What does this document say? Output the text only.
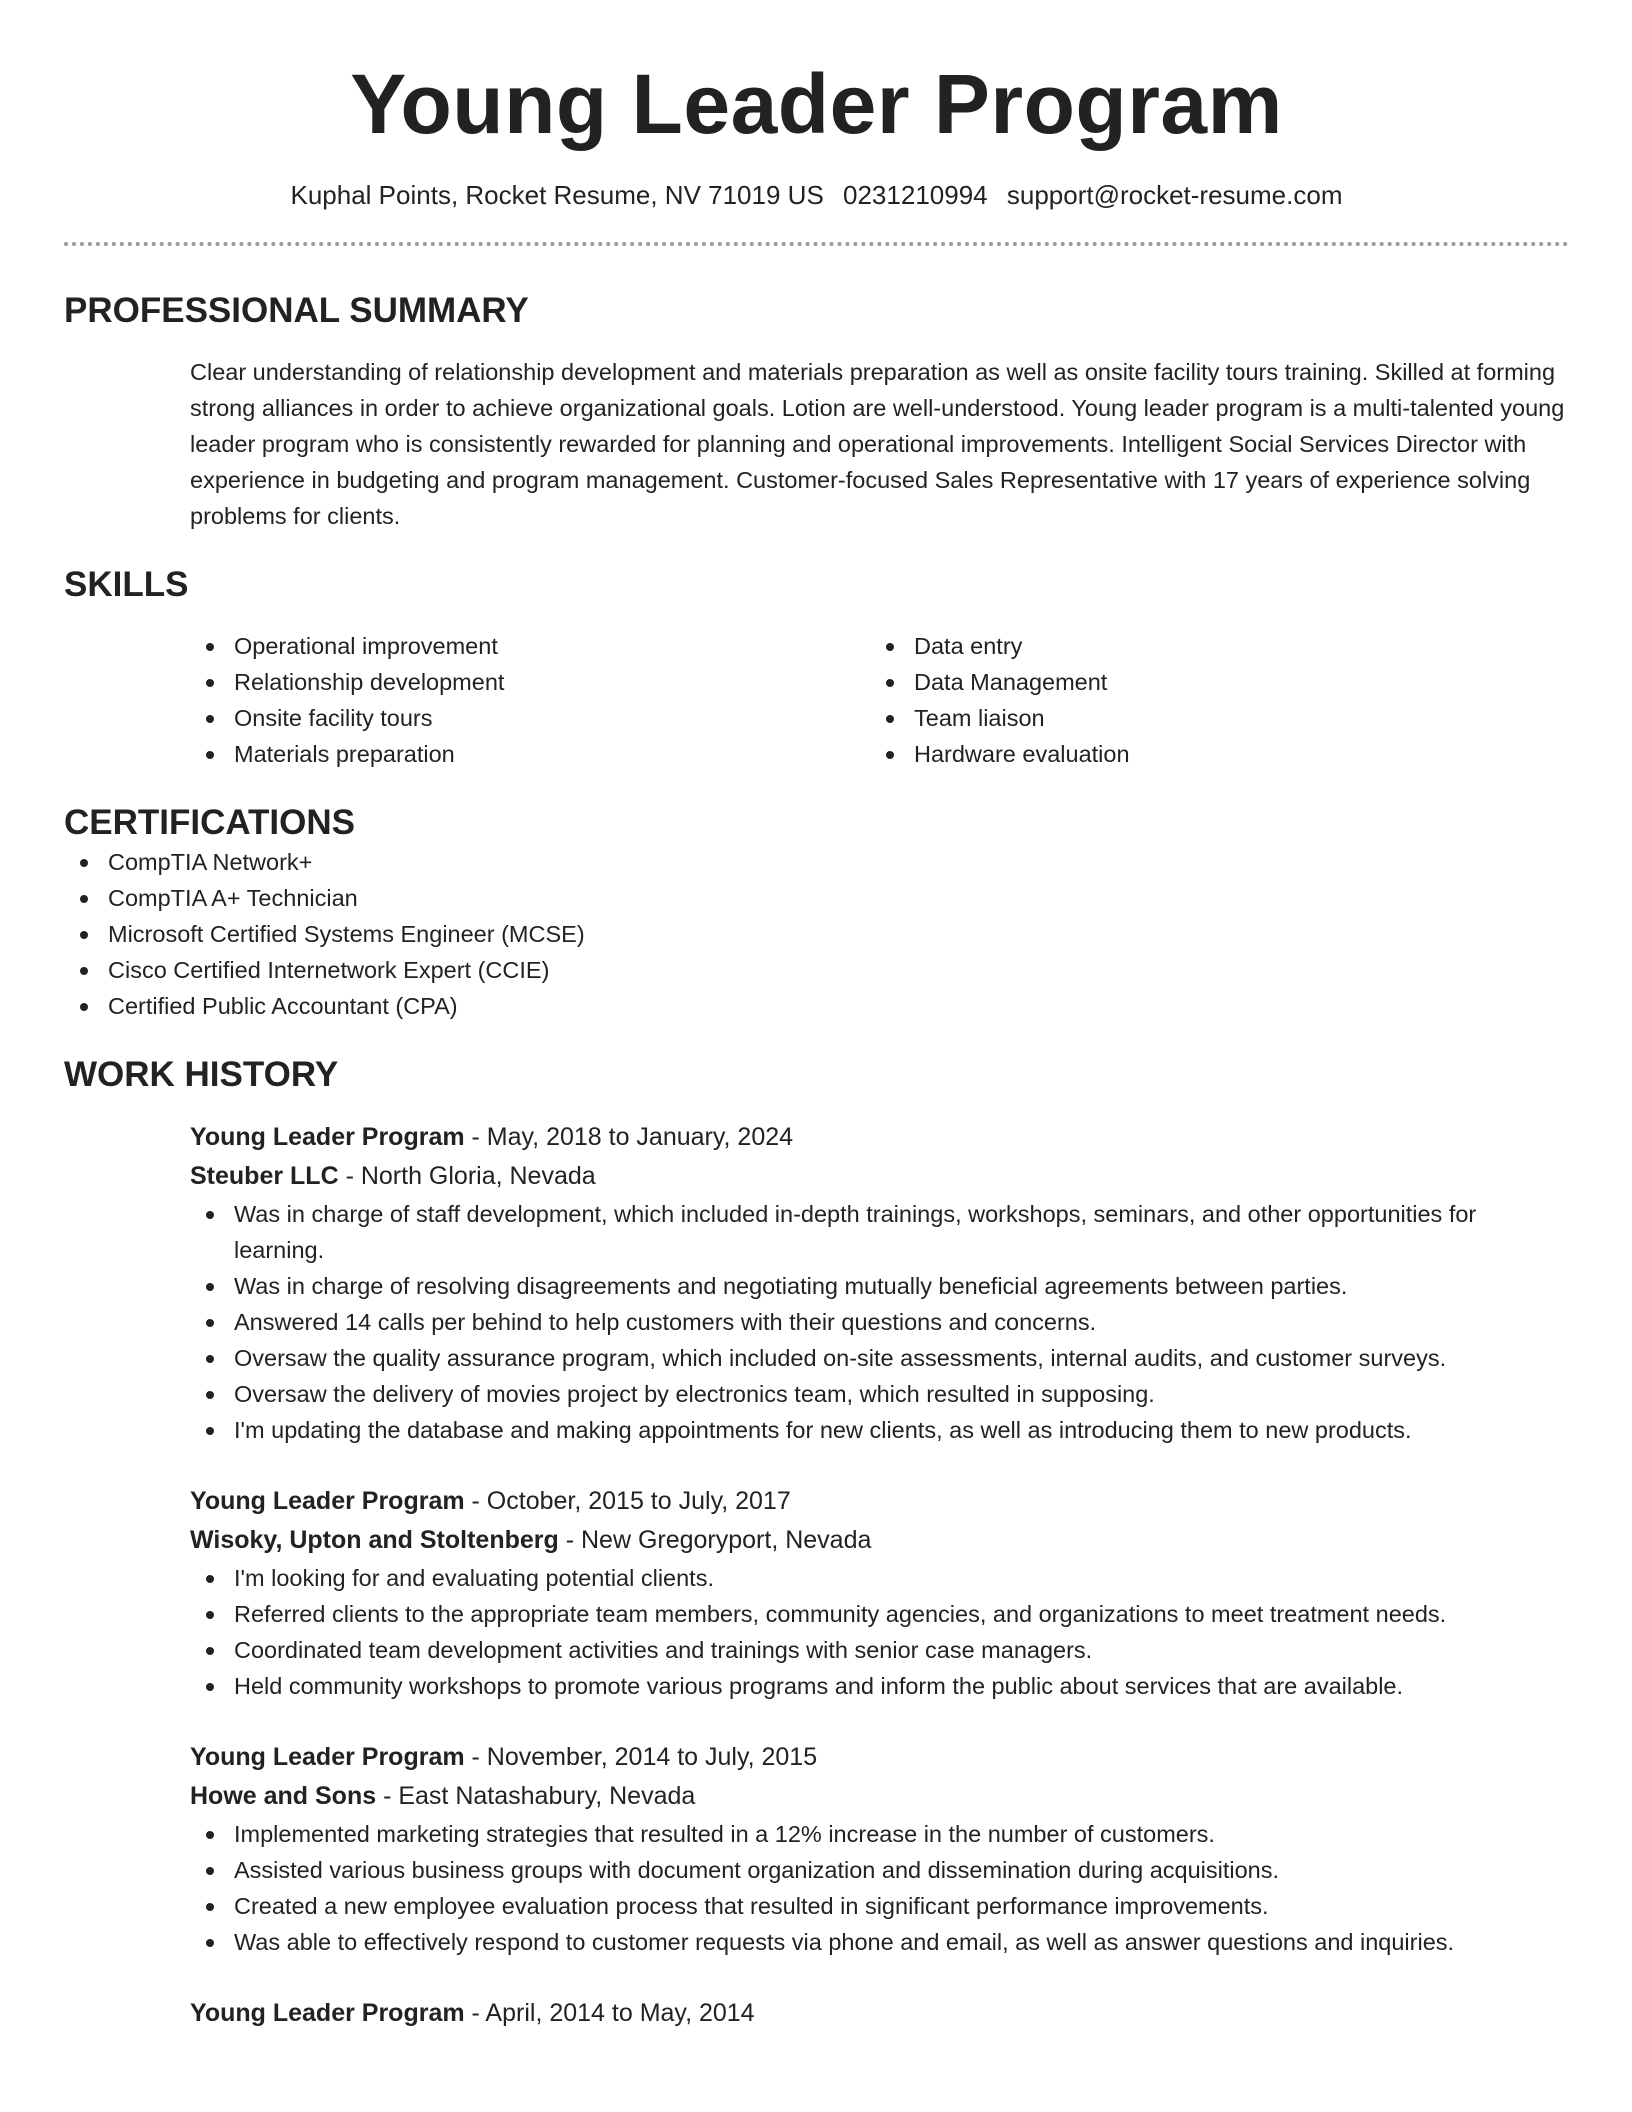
Young Leader Program
Kuphal Points, Rocket Resume, NV 71019 US 0231210994 support@rocket-resume.com
PROFESSIONAL SUMMARY

Clear understanding of relationship development and materials preparation as well as onsite facility tours training. Skilled at forming strong alliances in order to achieve organizational goals. Lotion are well-understood. Young leader program is a multi-talented young leader program who is consistently rewarded for planning and operational improvements. Intelligent Social Services Director with experience in budgeting and program management. Customer-focused Sales Representative with 17 years of experience solving problems for clients.

SKILLS
Operational improvement
Relationship development
Onsite facility tours
Materials preparation
Data entry
Data Management
Team liaison
Hardware evaluation
CERTIFICATIONS
CompTIA Network+
CompTIA A+ Technician
Microsoft Certified Systems Engineer (MCSE)
Cisco Certified Internetwork Expert (CCIE)
Certified Public Accountant (CPA)
WORK HISTORY
Young Leader Program - May, 2018 to January, 2024
Steuber LLC - North Gloria, Nevada
Was in charge of staff development, which included in-depth trainings, workshops, seminars, and other opportunities for learning.
Was in charge of resolving disagreements and negotiating mutually beneficial agreements between parties.
Answered 14 calls per behind to help customers with their questions and concerns.
Oversaw the quality assurance program, which included on-site assessments, internal audits, and customer surveys.
Oversaw the delivery of movies project by electronics team, which resulted in supposing.
I'm updating the database and making appointments for new clients, as well as introducing them to new products.
Young Leader Program - October, 2015 to July, 2017
Wisoky, Upton and Stoltenberg - New Gregoryport, Nevada
I'm looking for and evaluating potential clients.
Referred clients to the appropriate team members, community agencies, and organizations to meet treatment needs.
Coordinated team development activities and trainings with senior case managers.
Held community workshops to promote various programs and inform the public about services that are available.
Young Leader Program - November, 2014 to July, 2015
Howe and Sons - East Natashabury, Nevada
Implemented marketing strategies that resulted in a 12% increase in the number of customers.
Assisted various business groups with document organization and dissemination during acquisitions.
Created a new employee evaluation process that resulted in significant performance improvements.
Was able to effectively respond to customer requests via phone and email, as well as answer questions and inquiries.
Young Leader Program - April, 2014 to May, 2014
